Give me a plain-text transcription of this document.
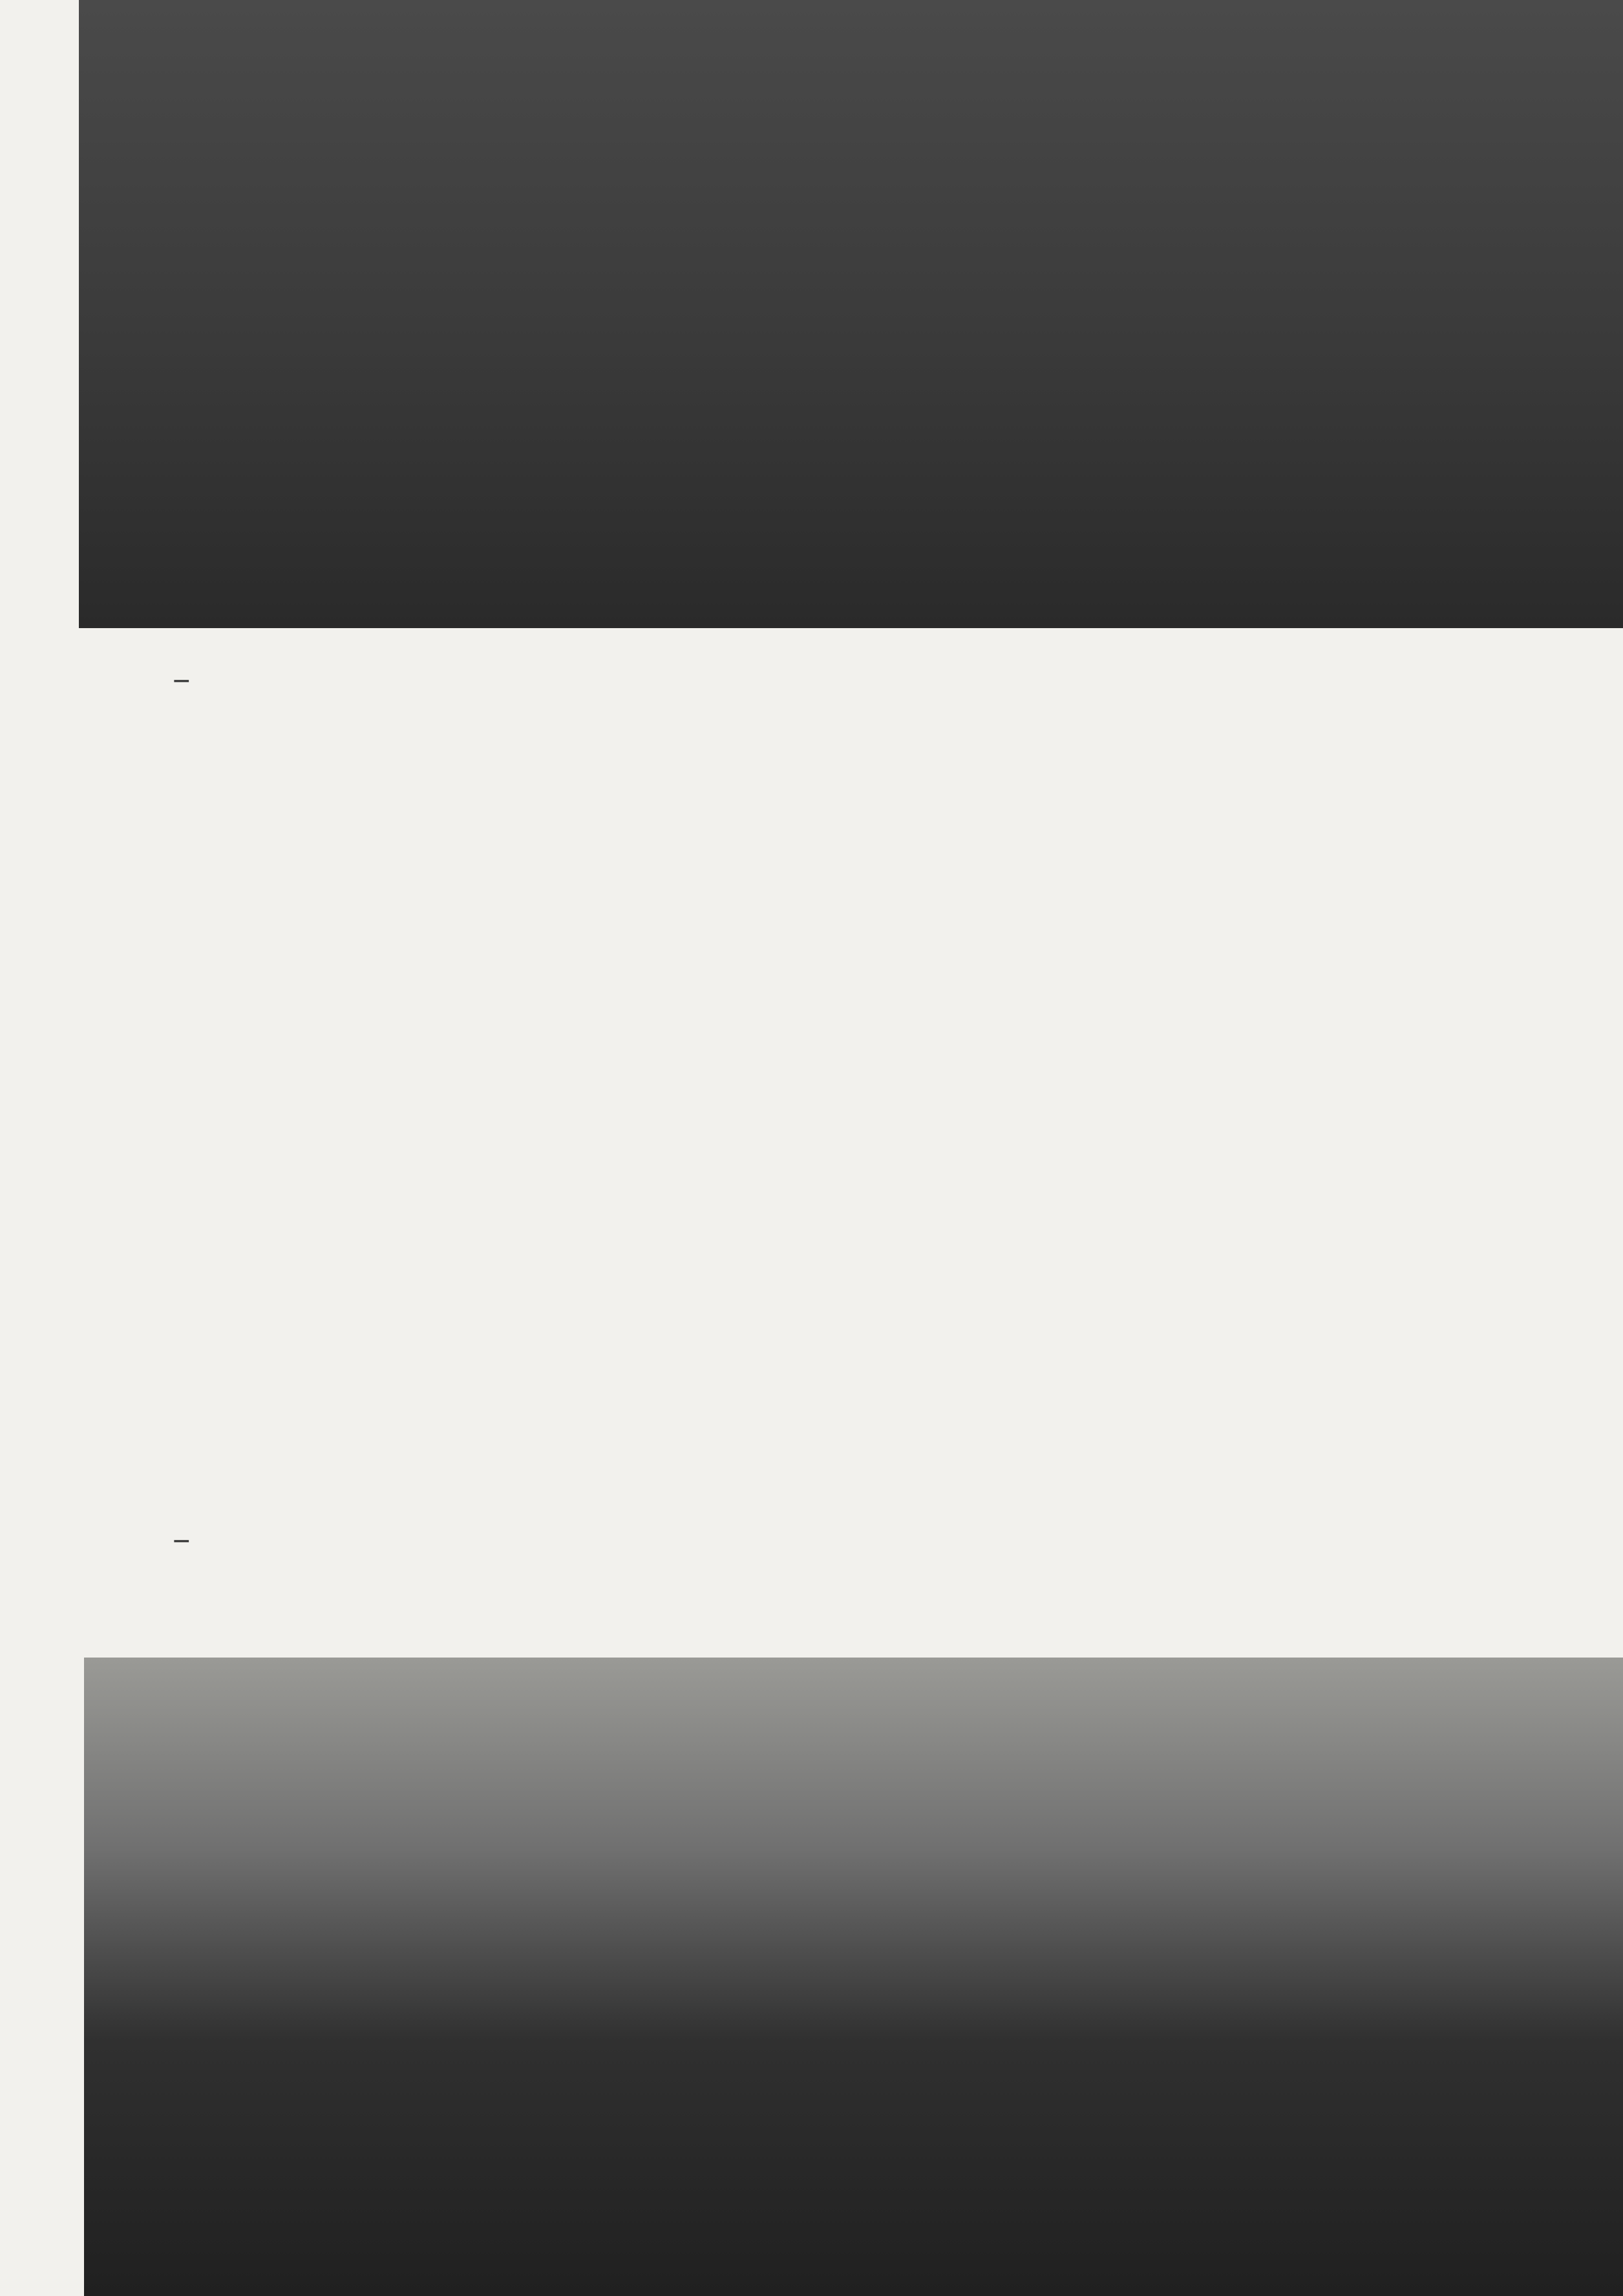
—

—
